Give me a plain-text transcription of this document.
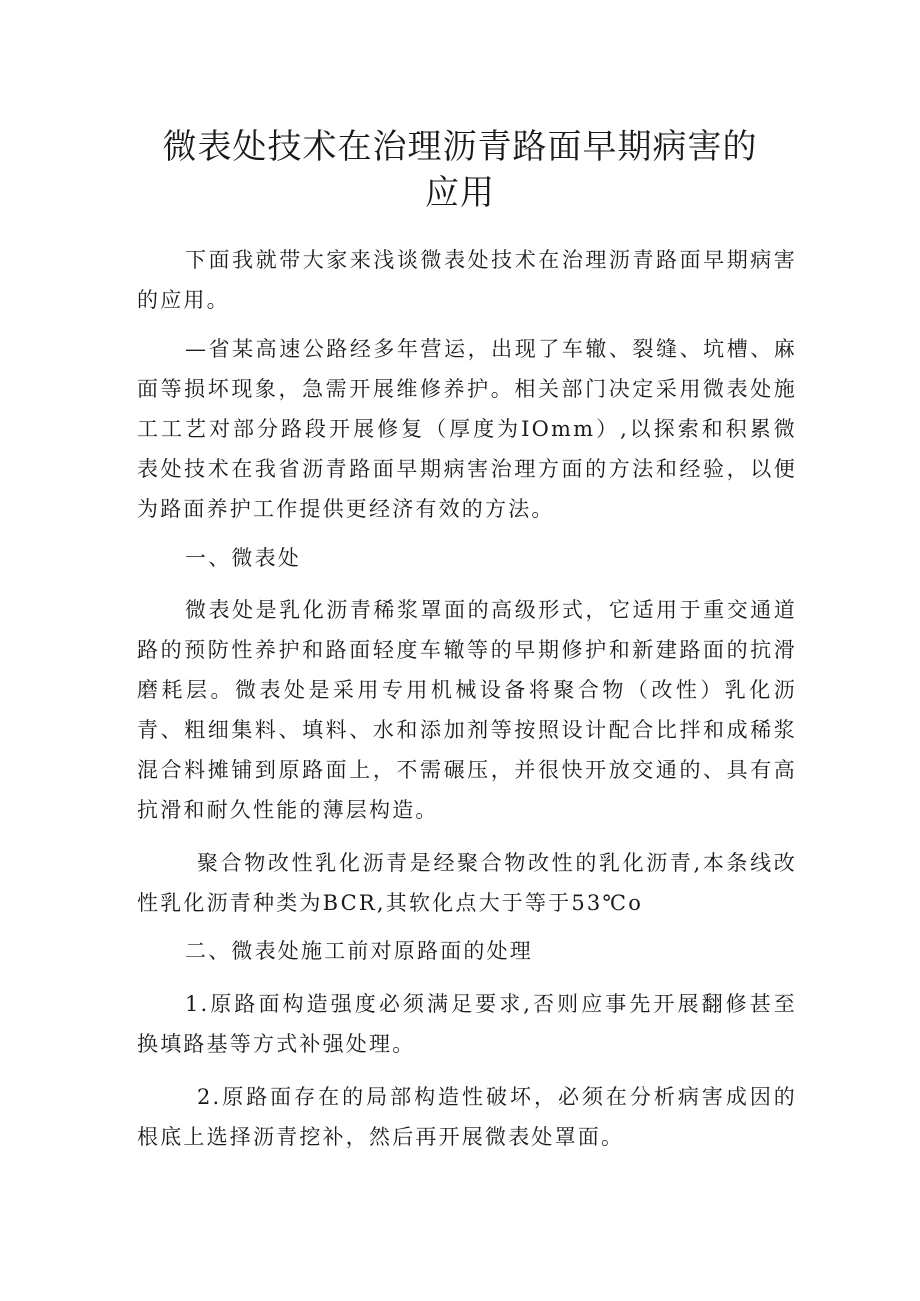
微表处技术在治理沥青路面早期病害的应用

下面我就带大家来浅谈微表处技术在治理沥青路面早期病害的应用。

—省某高速公路经多年营运，出现了车辙、裂缝、坑槽、麻面等损坏现象，急需开展维修养护。相关部门决定采用微表处施工工艺对部分路段开展修复（厚度为IOmm）,以探索和积累微表处技术在我省沥青路面早期病害治理方面的方法和经验，以便为路面养护工作提供更经济有效的方法。

一、微表处

微表处是乳化沥青稀浆罩面的高级形式，它适用于重交通道路的预防性养护和路面轻度车辙等的早期修护和新建路面的抗滑磨耗层。微表处是采用专用机械设备将聚合物（改性）乳化沥青、粗细集料、填料、水和添加剂等按照设计配合比拌和成稀浆混合料摊铺到原路面上，不需碾压，并很快开放交通的、具有高抗滑和耐久性能的薄层构造。

聚合物改性乳化沥青是经聚合物改性的乳化沥青,本条线改性乳化沥青种类为BCR,其软化点大于等于53℃o

二、微表处施工前对原路面的处理

1.原路面构造强度必须满足要求,否则应事先开展翻修甚至换填路基等方式补强处理。

2.原路面存在的局部构造性破坏，必须在分析病害成因的根底上选择沥青挖补，然后再开展微表处罩面。
